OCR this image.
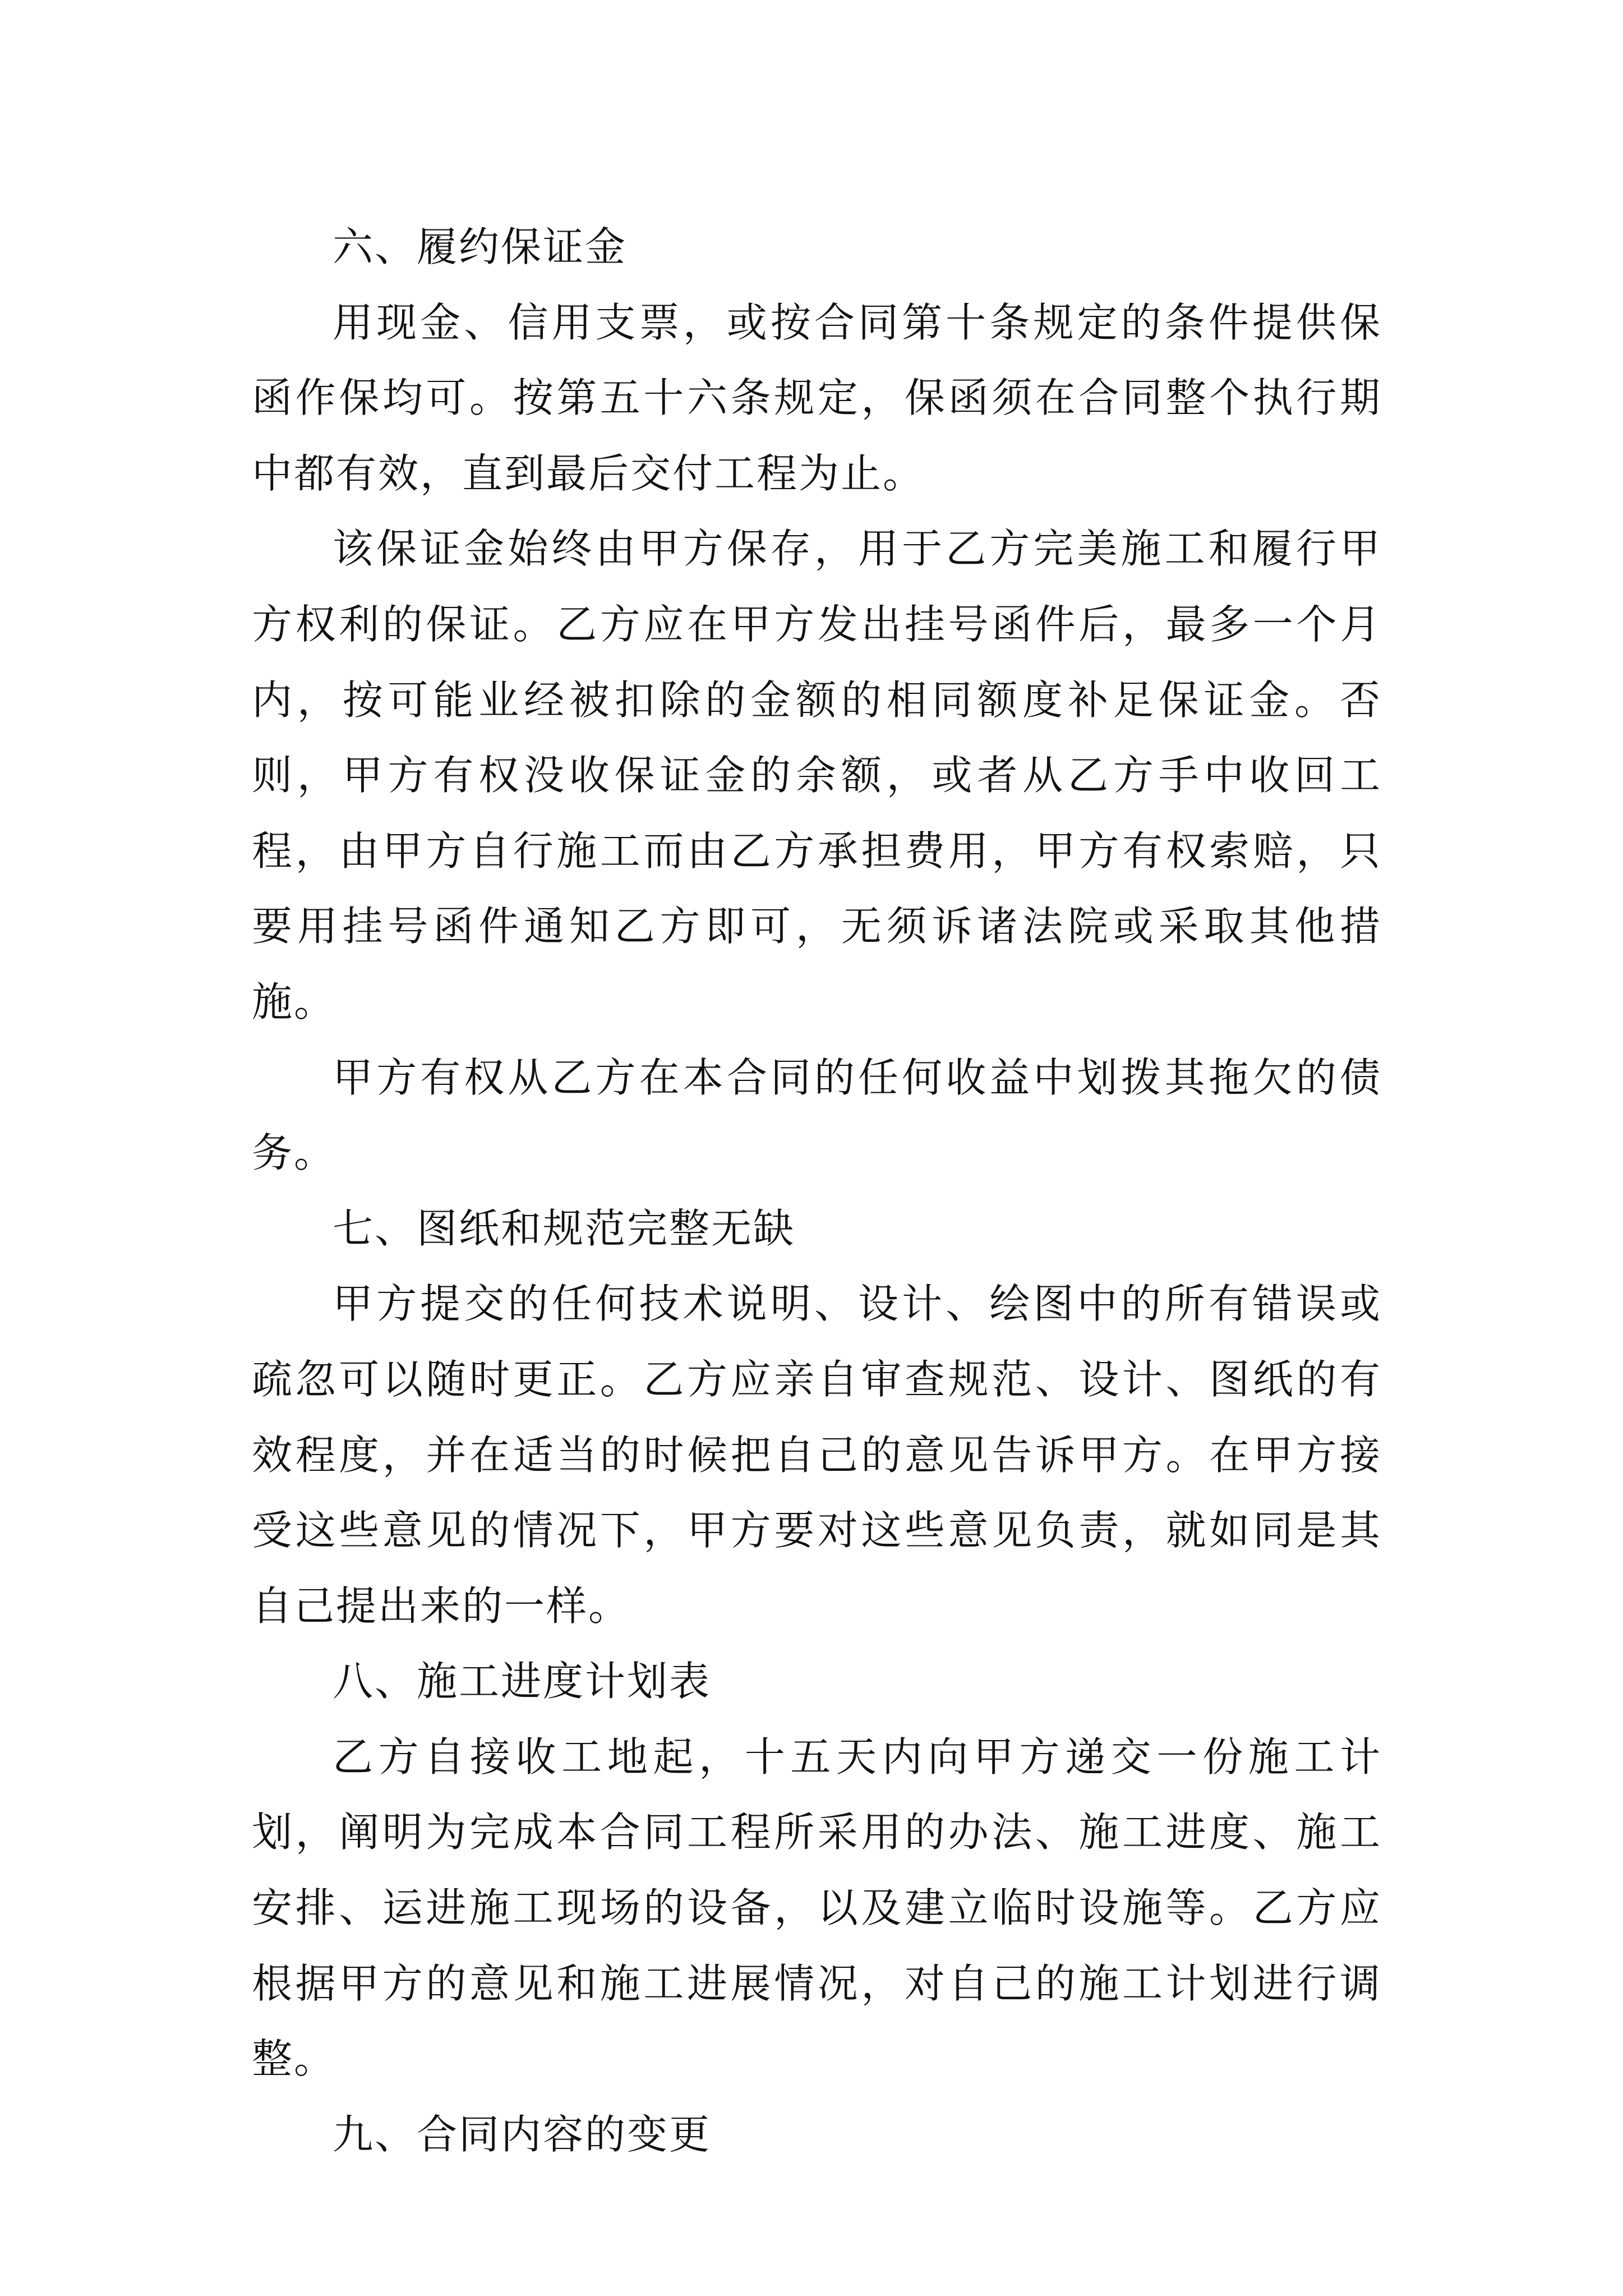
六、履约保证金

用现金、信用支票，或按合同第十条规定的条件提供保函作保均可。按第五十六条规定，保函须在合同整个执行期中都有效，直到最后交付工程为止。

该保证金始终由甲方保存，用于乙方完美施工和履行甲方权利的保证。乙方应在甲方发出挂号函件后，最多一个月内，按可能业经被扣除的金额的相同额度补足保证金。否则，甲方有权没收保证金的余额，或者从乙方手中收回工程，由甲方自行施工而由乙方承担费用，甲方有权索赔，只要用挂号函件通知乙方即可，无须诉诸法院或采取其他措施。

甲方有权从乙方在本合同的任何收益中划拨其拖欠的债务。

七、图纸和规范完整无缺

甲方提交的任何技术说明、设计、绘图中的所有错误或疏忽可以随时更正。乙方应亲自审查规范、设计、图纸的有效程度，并在适当的时候把自己的意见告诉甲方。在甲方接受这些意见的情况下，甲方要对这些意见负责，就如同是其自己提出来的一样。

八、施工进度计划表

乙方自接收工地起，十五天内向甲方递交一份施工计划，阐明为完成本合同工程所采用的办法、施工进度、施工安排、运进施工现场的设备，以及建立临时设施等。乙方应根据甲方的意见和施工进展情况，对自己的施工计划进行调整。

九、合同内容的变更
